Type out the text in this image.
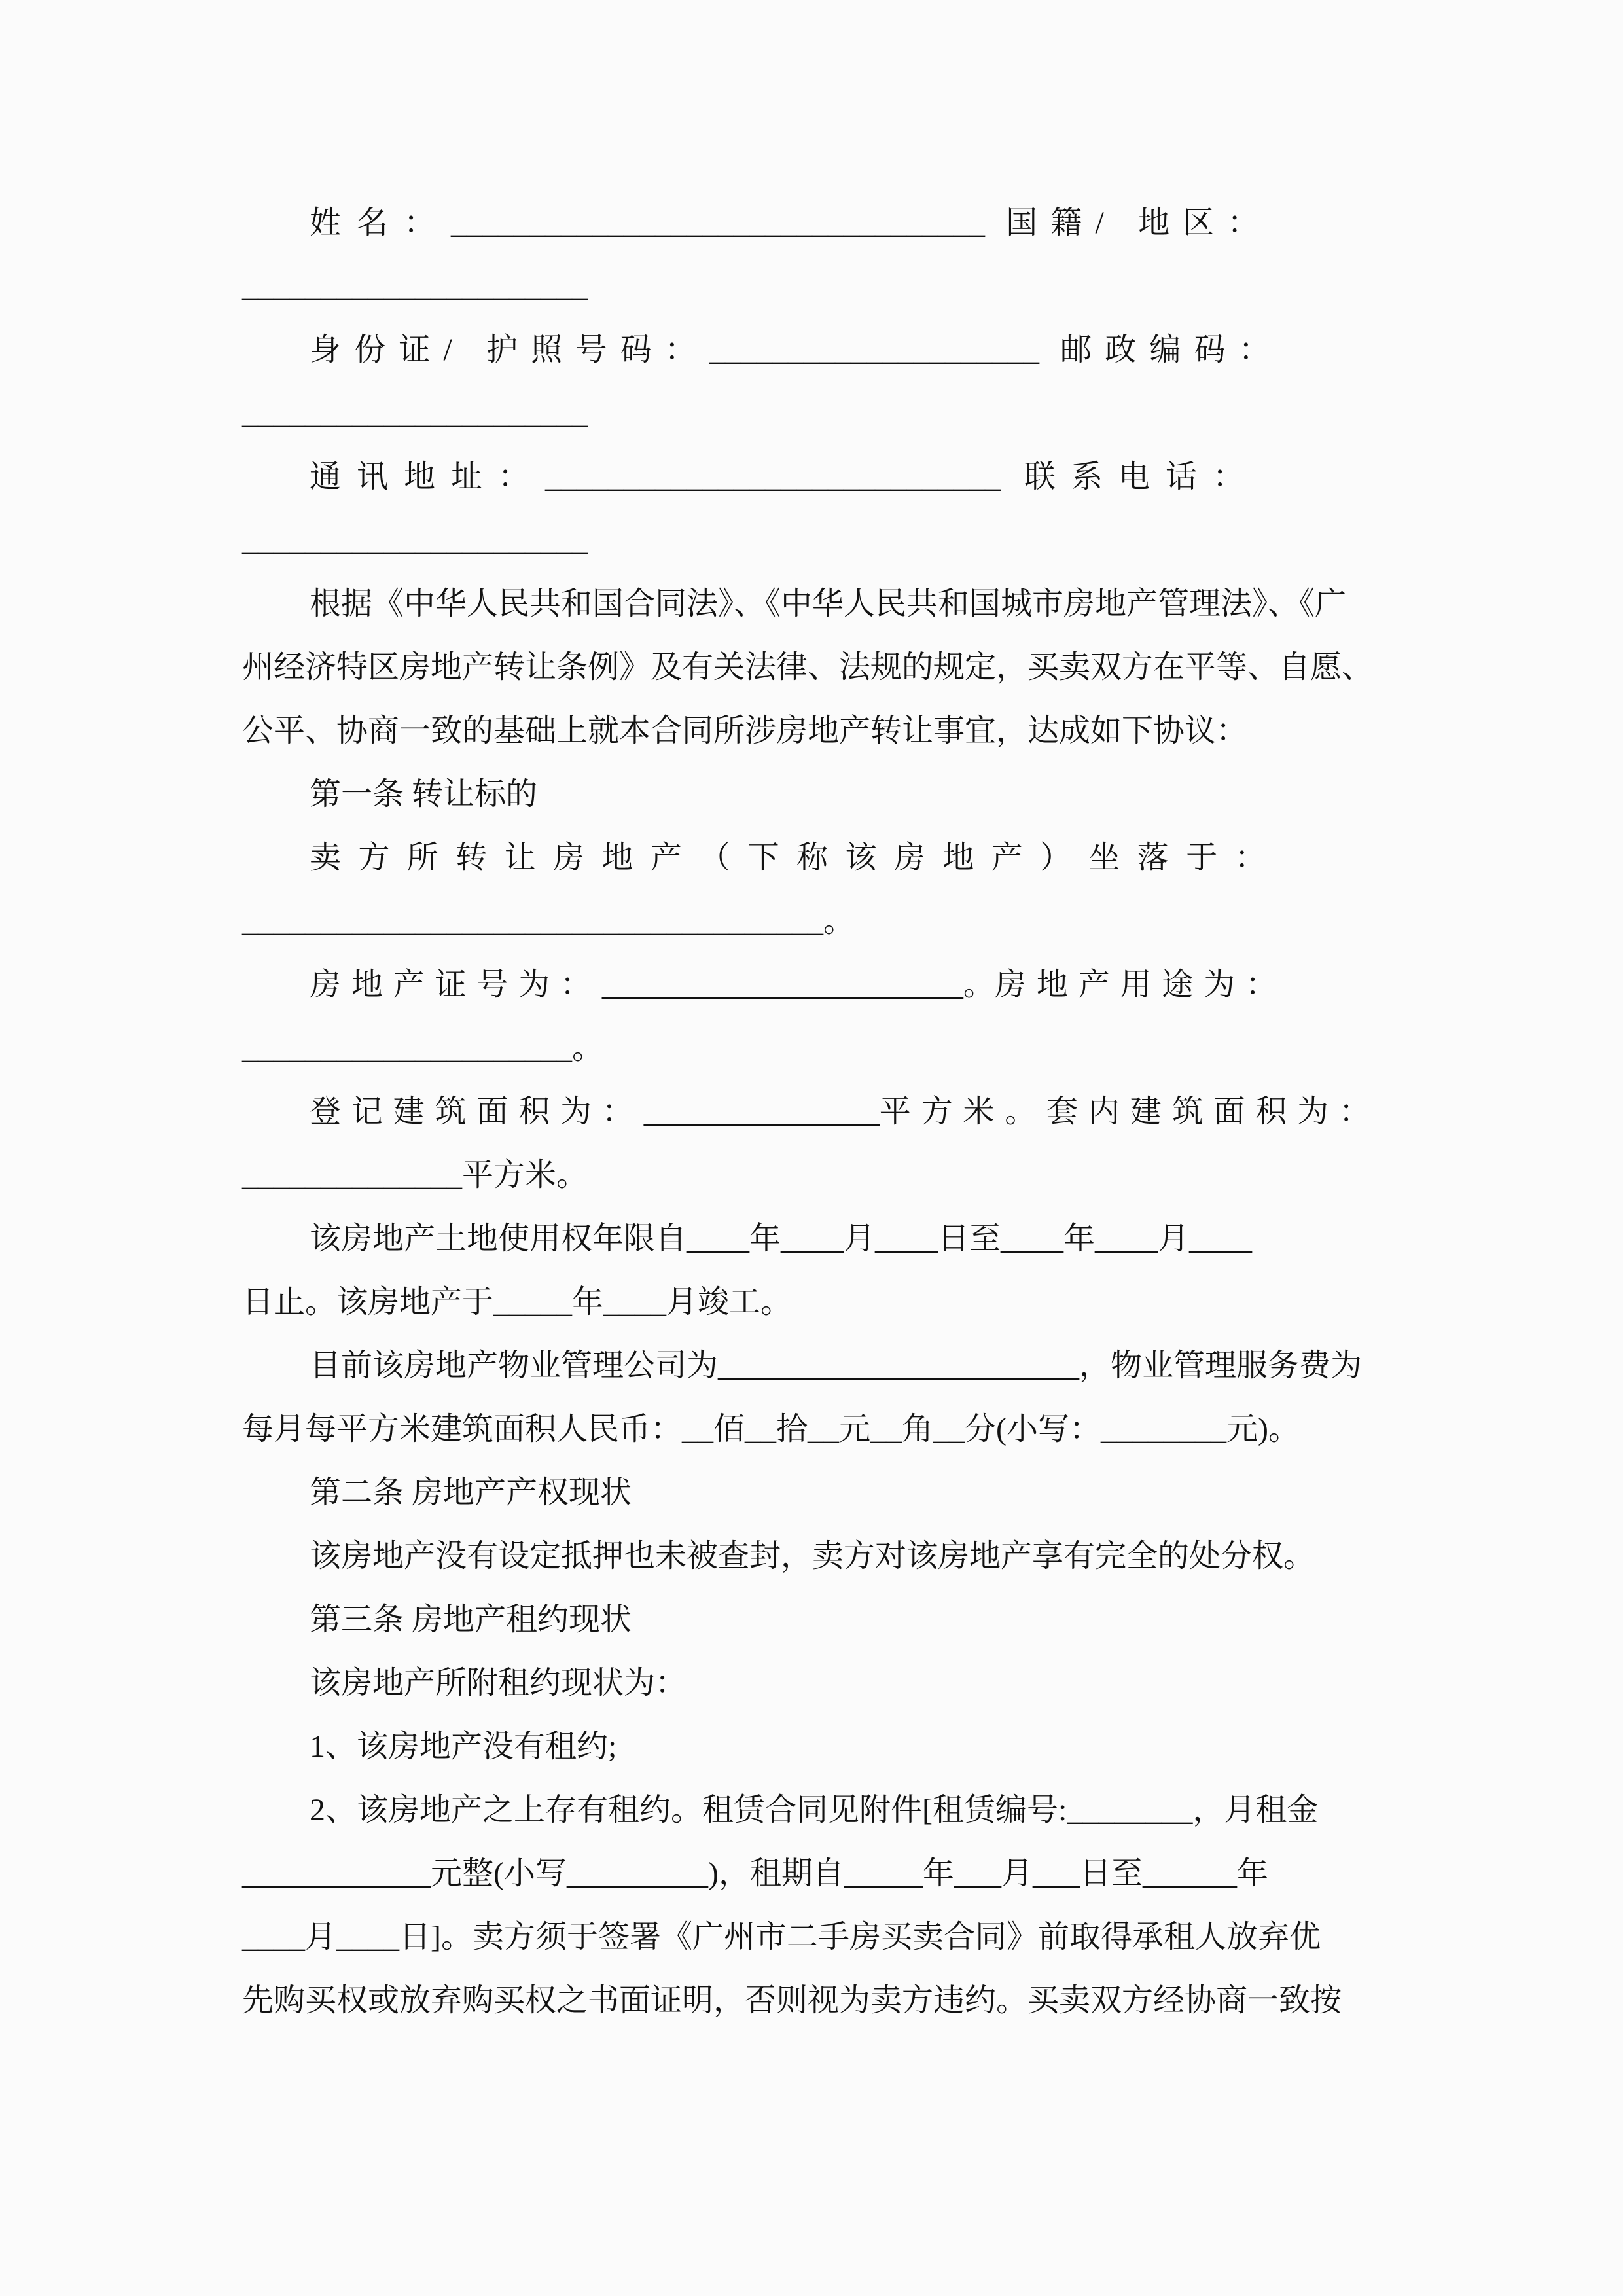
姓名：__________________________________ 国籍/ 地区：
______________________
身份证/ 护照号码：_____________________ 邮政编码：
______________________
通讯地址：_____________________________ 联系电话：
______________________
根据《中华人民共和国合同法》、《中华人民共和国城市房地产管理法》、《广
州经济特区房地产转让条例》及有关法律、法规的规定，买卖双方在平等、自愿、
公平、协商一致的基础上就本合同所涉房地产转让事宜，达成如下协议：
第一条 转让标的
卖方所转让房地产（下称该房地产）坐落于：
_____________________________________。
房地产证号为：_______________________。房地产用途为：
_____________________。
登记建筑面积为：_______________平方米。套内建筑面积为：
______________平方米。
该房地产土地使用权年限自____年____月____日至____年____月____
日止。该房地产于_____年____月竣工。
目前该房地产物业管理公司为_______________________，物业管理服务费为
每月每平方米建筑面积人民币：__佰__拾__元__角__分(小写：________元)。
第二条 房地产产权现状
该房地产没有设定抵押也未被查封，卖方对该房地产享有完全的处分权。
第三条 房地产租约现状
该房地产所附租约现状为：
1、该房地产没有租约;
2、该房地产之上存有租约。租赁合同见附件[租赁编号:________，月租金
____________元整(小写_________)，租期自_____年___月___日至______年
____月____日]。卖方须于签署《广州市二手房买卖合同》前取得承租人放弃优
先购买权或放弃购买权之书面证明，否则视为卖方违约。买卖双方经协商一致按
